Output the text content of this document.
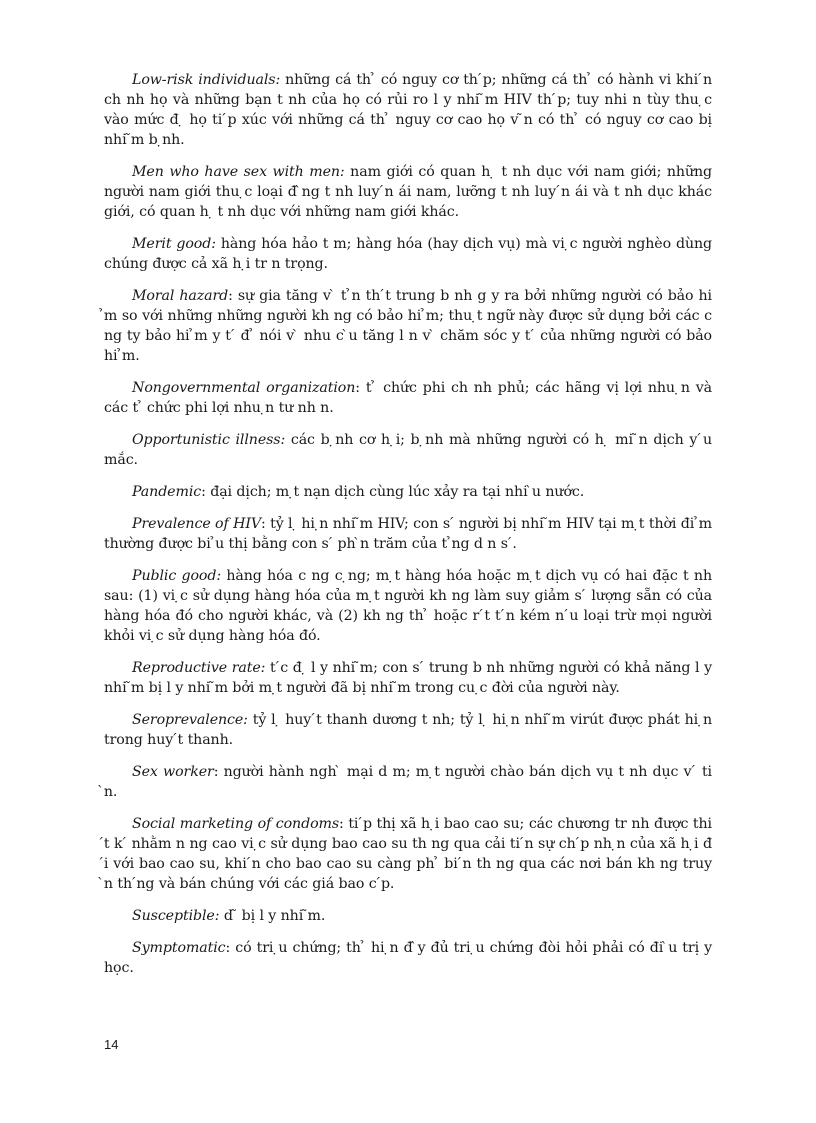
Low-risk individuals: những cá th ̉ có nguy cơ th ́p; những cá th ̉ có hành vi khi ́n ch nh họ và những bạn t nh của họ có rủi ro l y nhi ̃m HIV th ́p; tuy nhi n tùy thu ̣c vào mức đ ̣ họ ti ́p xúc với những cá th ̉ nguy cơ cao họ v ̃n có th ̉ có nguy cơ cao bị nhi ̃m b ̣nh.

Men who have sex with men: nam giới có quan h ̣ t nh dục với nam giới; những người nam giới thu ̣c loại đ ̀ng t nh luy ́n ái nam, lưỡng t nh luy ́n ái và t nh dục khác giới, có quan h ̣ t nh dục với những nam giới khác.

Merit good: hàng hóa hảo t m; hàng hóa (hay dịch vụ) mà vi ̣c người nghèo dùng chúng được cả xã h ̣i tr n trọng.

Moral hazard: sự gia tăng v ̀ t ̉n th ́t trung b nh g y ra bởi những người có bảo hi ̉m so với những những người kh ng có bảo hi ̉m; thu ̣t ngữ này được sử dụng bởi các c ng ty bảo hi ̉m y t ́ đ ̉ nói v ̀ nhu c ̀u tăng l n v ̀ chăm sóc y t ́ của những người có bảo hi ̉m.

Nongovernmental organization: t ̉ chức phi ch nh phủ; các hãng vị lợi nhu ̣n và các t ̉ chức phi lợi nhu ̣n tư nh n.

Opportunistic illness: các b ̣nh cơ h ̣i; b ̣nh mà những người có h ̣ mi ̃n dịch y ́u mắc.

Pandemic: đại dịch; m ̣t nạn dịch cùng lúc xảy ra tại nhi ̀u nước.

Prevalence of HIV: tỷ l ̣ hi ̣n nhi ̃m HIV; con s ́ người bị nhi ̃m HIV tại m ̣t thời đi ̉m thường được bi ̉u thị bằng con s ́ ph ̀n trăm của t ̉ng d n s ́.

Public good: hàng hóa c ng c ̣ng; m ̣t hàng hóa hoặc m ̣t dịch vụ có hai đặc t nh sau: (1) vi ̣c sử dụng hàng hóa của m ̣t người kh ng làm suy giảm s ́ lượng sẵn có của hàng hóa đó cho người khác, và (2) kh ng th ̉ hoặc r ́t t ́n kém n ́u loại trừ mọi người khỏi vi ̣c sử dụng hàng hóa đó.

Reproductive rate: t ́c đ ̣ l y nhi ̃m; con s ́ trung b nh những người có khả năng l y nhi ̃m bị l y nhi ̃m bởi m ̣t người đã bị nhi ̃m trong cu ̣c đời của người này.

Seroprevalence: tỷ l ̣ huy ́t thanh dương t nh; tỷ l ̣ hi ̣n nhi ̃m virút được phát hi ̣n trong huy ́t thanh.

Sex worker: người hành ngh ̀ mại d m; m ̣t người chào bán dịch vụ t nh dục v ́ ti ̀n.

Social marketing of condoms: ti ́p thị xã h ̣i bao cao su; các chương tr nh được thi ́t k ́ nhằm n ng cao vi ̣c sử dụng bao cao su th ng qua cải ti ́n sự ch ́p nh ̣n của xã h ̣i đ ́i với bao cao su, khi ́n cho bao cao su càng ph ̉ bi ́n th ng qua các nơi bán kh ng truy ̀n th ́ng và bán chúng với các giá bao c ́p.

Susceptible: d ̃ bị l y nhi ̃m.

Symptomatic: có tri ̣u chứng; th ̉ hi ̣n đ ̀y đủ tri ̣u chứng đòi hỏi phải có đi ̀u trị y học.

14
